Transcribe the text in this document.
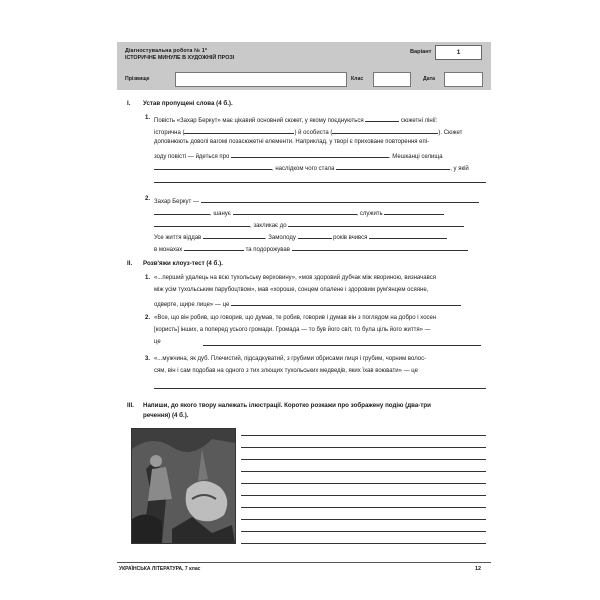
Діагностувальна робота № 1*
ІСТОРИЧНЕ МИНУЛЕ В ХУДОЖНІЙ ПРОЗІ
Варіант	1
Прізвище	Клас	Дата
I. Устав пропущені слова (4 б.).
1. Повість «Захар Беркут» має цікавий основний сюжет, у якому поєднуються	сюжетні лінії:
історична (	) й особиста (	). Сюжет
доповнюють доволі вагомі позасюжетні елементи. Наприклад, у творі є приховане повторення епі-
зоду повісті — йдеться про	. Мешканці селища
, наслідком чого стала	, у якій
2. Захар Беркут —
, шанує	, служить
, закликає до
Усе життя віддав	. Замолоду	років вчився
в монахах	та подорожував
II. Розв'яжи клоуз-тест (4 б.).
1. «...перший удалець на всю тухольську верховину», «мов здоровий дубчак між явориною, визначався
між усім тухольським парубоцтвом», мав «хороше, сонцем опалене і здоровим рум'янцем осяяне,
одверте, щире лице» — це
2. «Все, що він робив, що говорив, що думав, те робив, говорив і думав він з поглядом на добро і хосен
[користь] інших, а поперед усього громади. Громада — то був його світ, то була ціль його життя» —
це
3. «...мужчина, як дуб. Плечистий, підсадкуватий, з грубими обрисами лиця і грубим, чорним волос-
сям, він і сам подобав на одного з тих злющих тухольських медведів, яких їхав воювати» — це
III. Напиши, до якого твору належать ілюстрації. Коротко розкажи про зображену подію (два-три
речення) (4 б.).
УКРАЇНСЬКА ЛІТЕРАТУРА, 7 клас	12
